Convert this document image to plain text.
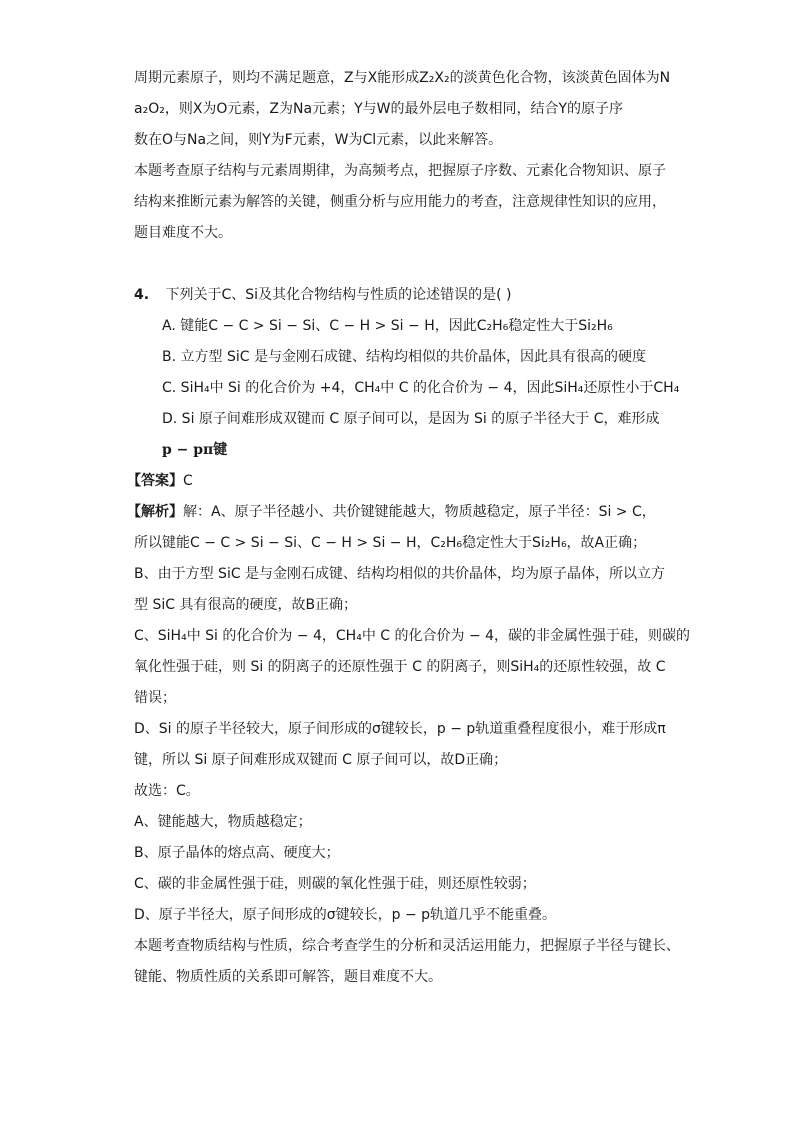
周期元素原子，则均不满足题意，Z与X能形成Z₂X₂的淡黄色化合物，该淡黄色固体为N
a₂O₂，则X为O元素，Z为Na元素；Y与W的最外层电子数相同，结合Y的原子序
数在O与Na之间，则Y为F元素，W为Cl元素，以此来解答。
本题考查原子结构与元素周期律，为高频考点，把握原子序数、元素化合物知识、原子
结构来推断元素为解答的关键，侧重分析与应用能力的考查，注意规律性知识的应用，
题目难度不大。
4. 下列关于C、Si及其化合物结构与性质的论述错误的是( )
A. 键能C − C > Si − Si、C − H > Si − H，因此C₂H₆稳定性大于Si₂H₆
B. 立方型 SiC 是与金刚石成键、结构均相似的共价晶体，因此具有很高的硬度
C. SiH₄中 Si 的化合价为 +4，CH₄中 C 的化合价为 − 4，因此SiH₄还原性小于CH₄
D. Si 原子间难形成双键而 C 原子间可以，是因为 Si 的原子半径大于 C，难形成
p − pπ键
【答案】C
【解析】解：A、原子半径越小、共价键键能越大，物质越稳定，原子半径：Si > C，
所以键能C − C > Si − Si、C − H > Si − H，C₂H₆稳定性大于Si₂H₆，故A正确；
B、由于方型 SiC 是与金刚石成键、结构均相似的共价晶体，均为原子晶体，所以立方
型 SiC 具有很高的硬度，故B正确；
C、SiH₄中 Si 的化合价为 − 4，CH₄中 C 的化合价为 − 4，碳的非金属性强于硅，则碳的
氧化性强于硅，则 Si 的阴离子的还原性强于 C 的阴离子，则SiH₄的还原性较强，故 C
错误；
D、Si 的原子半径较大，原子间形成的σ键较长，p − p轨道重叠程度很小，难于形成π
键，所以 Si 原子间难形成双键而 C 原子间可以，故D正确；
故选：C。
A、键能越大，物质越稳定；
B、原子晶体的熔点高、硬度大；
C、碳的非金属性强于硅，则碳的氧化性强于硅，则还原性较弱；
D、原子半径大，原子间形成的σ键较长，p − p轨道几乎不能重叠。
本题考查物质结构与性质，综合考查学生的分析和灵活运用能力，把握原子半径与键长、
键能、物质性质的关系即可解答，题目难度不大。
